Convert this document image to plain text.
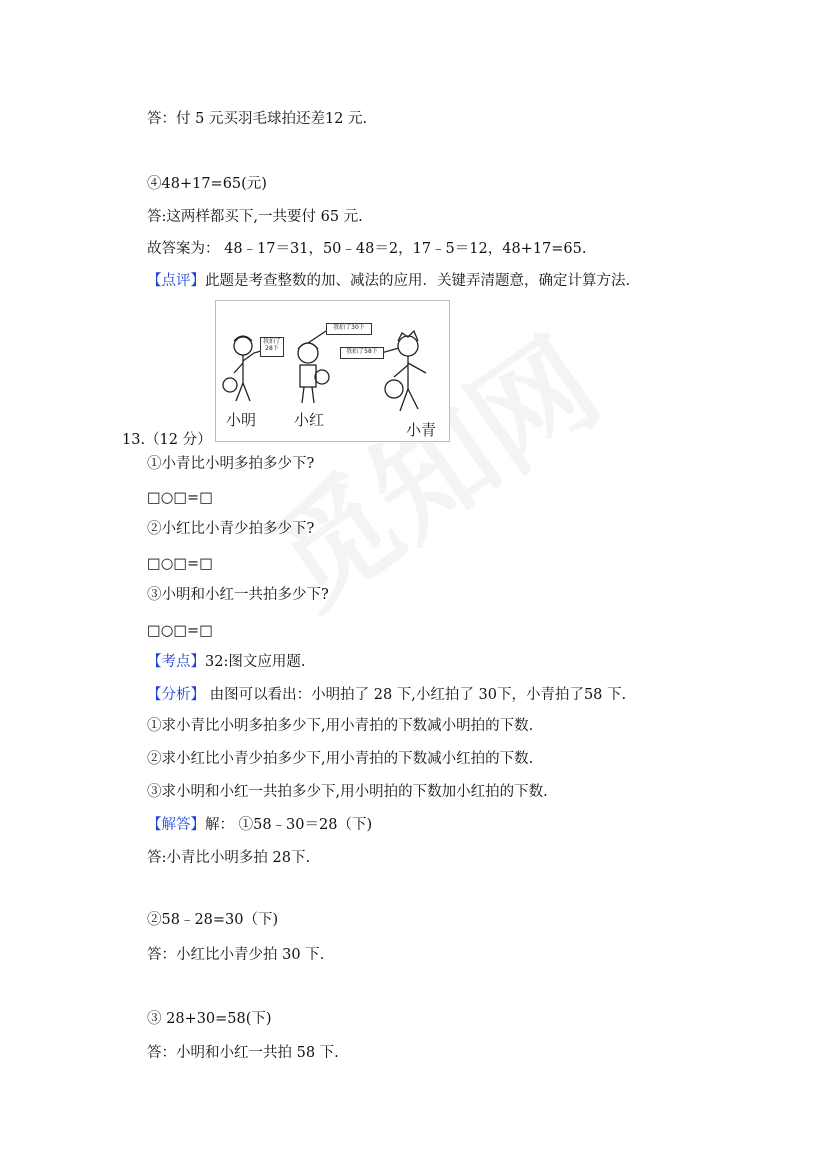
答：付 5 元买羽毛球拍还差12 元.
④48+17=65(元)
答:这两样都买下,一共要付 65 元.
故答案为： 48﹣17＝31，50﹣48＝2，17﹣5＝12，48+17=65.
【点评】此题是考查整数的加、减法的应用．关键弄清题意，确定计算方法.
我拍了28下
我拍了30下
我拍了58下
小明	小红
小青
13.（12 分）
①小青比小明多拍多少下?
□○□=□
②小红比小青少拍多少下?
□○□=□
③小明和小红一共拍多少下?
□○□=□
【考点】32:图文应用题.
【分析】 由图可以看出：小明拍了 28 下,小红拍了 30下，小青拍了58 下.
①求小青比小明多拍多少下,用小青拍的下数减小明拍的下数.
②求小红比小青少拍多少下,用小青拍的下数减小红拍的下数.
③求小明和小红一共拍多少下,用小明拍的下数加小红拍的下数.
【解答】解： ①58﹣30＝28（下)
答:小青比小明多拍 28下.
②58﹣28=30（下)
答：小红比小青少拍 30 下.
③ 28+30=58(下)
答：小明和小红一共拍 58 下.
